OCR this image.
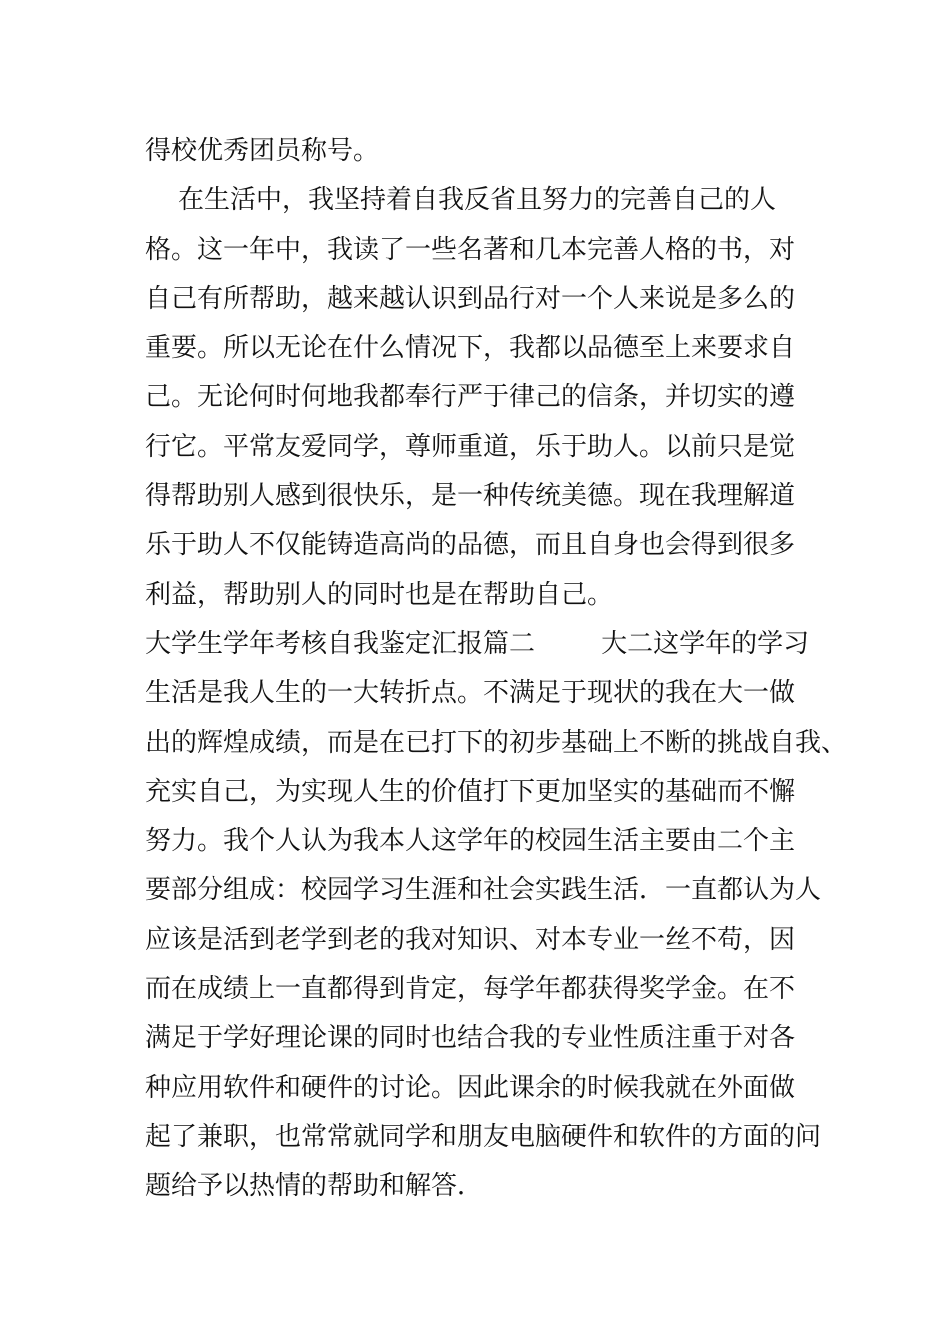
得校优秀团员称号。
在生活中，我坚持着自我反省且努力的完善自己的人
格。这一年中，我读了一些名著和几本完善人格的书，对
自己有所帮助，越来越认识到品行对一个人来说是多么的
重要。所以无论在什么情况下，我都以品德至上来要求自
己。无论何时何地我都奉行严于律己的信条，并切实的遵
行它。平常友爱同学，尊师重道，乐于助人。以前只是觉
得帮助别人感到很快乐，是一种传统美德。现在我理解道
乐于助人不仅能铸造高尚的品德，而且自身也会得到很多
利益，帮助别人的同时也是在帮助自己。
大学生学年考核自我鉴定汇报篇二        大二这学年的学习
生活是我人生的一大转折点。不满足于现状的我在大一做
出的辉煌成绩，而是在已打下的初步基础上不断的挑战自我、
充实自己，为实现人生的价值打下更加坚实的基础而不懈
努力。我个人认为我本人这学年的校园生活主要由二个主
要部分组成：校园学习生涯和社会实践生活．一直都认为人
应该是活到老学到老的我对知识、对本专业一丝不苟，因
而在成绩上一直都得到肯定，每学年都获得奖学金。在不
满足于学好理论课的同时也结合我的专业性质注重于对各
种应用软件和硬件的讨论。因此课余的时候我就在外面做
起了兼职，也常常就同学和朋友电脑硬件和软件的方面的问
题给予以热情的帮助和解答．
